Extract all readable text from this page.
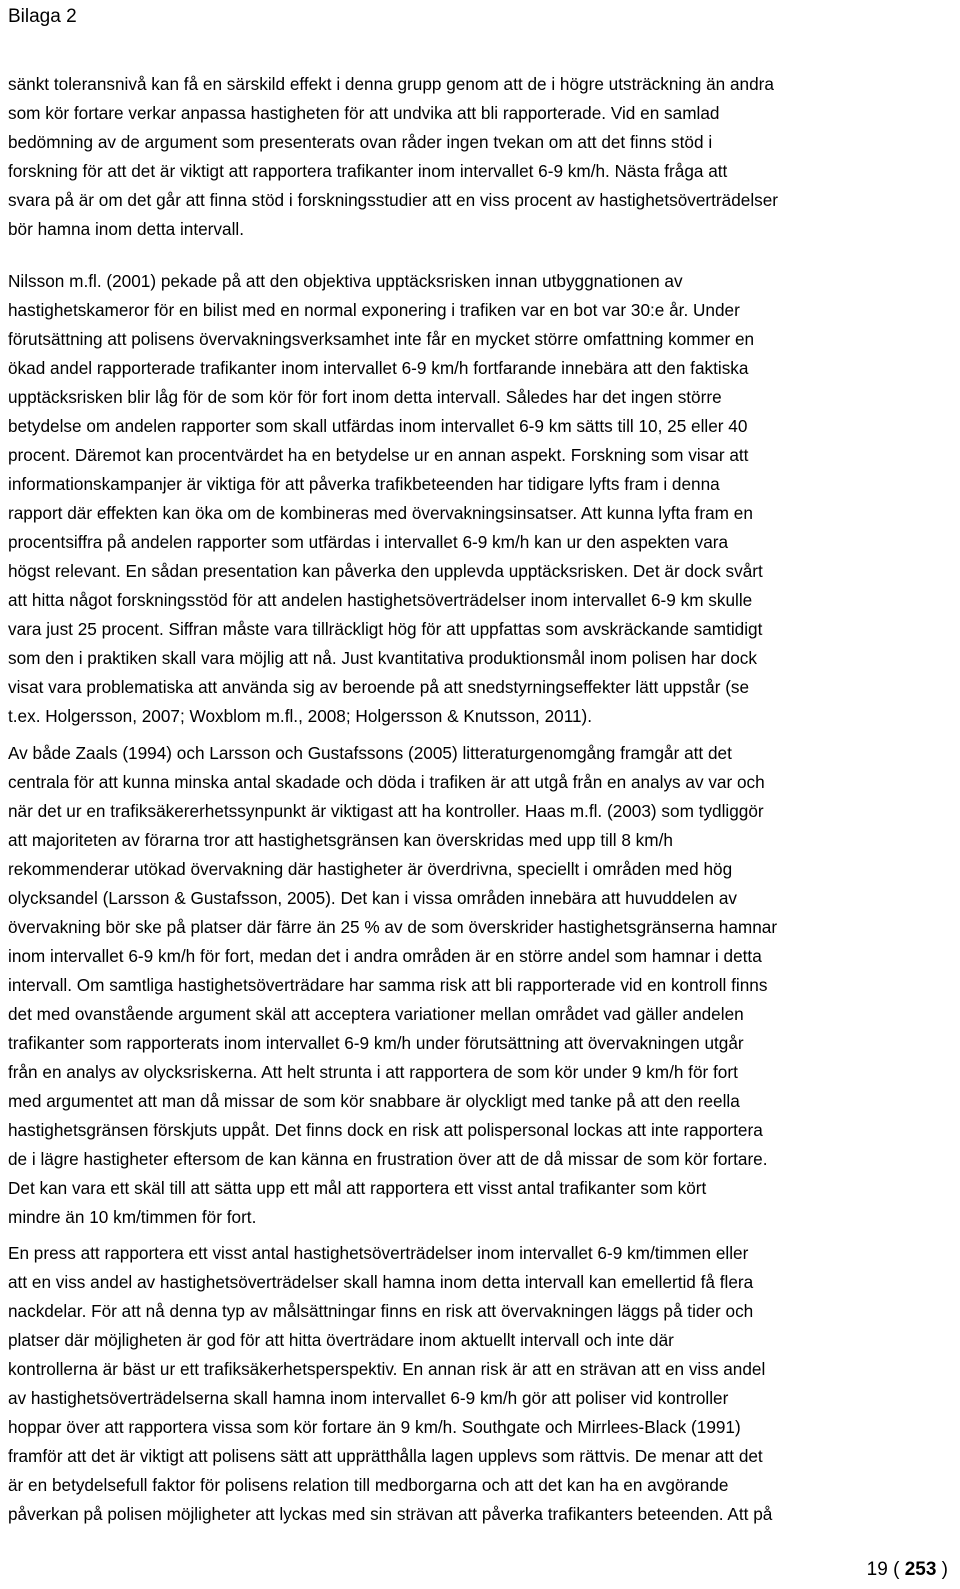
Bilaga 2
sänkt toleransnivå kan få en särskild effekt i denna grupp genom att de i högre utsträckning än andra
som kör fortare verkar anpassa hastigheten för att undvika att bli rapporterade. Vid en samlad
bedömning av de argument som presenterats ovan råder ingen tvekan om att det finns stöd i
forskning för att det är viktigt att rapportera trafikanter inom intervallet 6-9 km/h. Nästa fråga att
svara på är om det går att finna stöd i forskningsstudier att en viss procent av hastighetsöverträdelser
bör hamna inom detta intervall.
Nilsson m.fl. (2001) pekade på att den objektiva upptäcksrisken innan utbyggnationen av
hastighetskameror för en bilist med en normal exponering i trafiken var en bot var 30:e år. Under
förutsättning att polisens övervakningsverksamhet inte får en mycket större omfattning kommer en
ökad andel rapporterade trafikanter inom intervallet 6-9 km/h fortfarande innebära att den faktiska
upptäcksrisken blir låg för de som kör för fort inom detta intervall. Således har det ingen större
betydelse om andelen rapporter som skall utfärdas inom intervallet 6-9 km sätts till 10, 25 eller 40
procent. Däremot kan procentvärdet ha en betydelse ur en annan aspekt. Forskning som visar att
informationskampanjer är viktiga för att påverka trafikbeteenden har tidigare lyfts fram i denna
rapport där effekten kan öka om de kombineras med övervakningsinsatser. Att kunna lyfta fram en
procentsiffra på andelen rapporter som utfärdas i intervallet 6-9 km/h kan ur den aspekten vara
högst relevant. En sådan presentation kan påverka den upplevda upptäcksrisken. Det är dock svårt
att hitta något forskningsstöd för att andelen hastighetsöverträdelser inom intervallet 6-9 km skulle
vara just 25 procent. Siffran måste vara tillräckligt hög för att uppfattas som avskräckande samtidigt
som den i praktiken skall vara möjlig att nå. Just kvantitativa produktionsmål inom polisen har dock
visat vara problematiska att använda sig av beroende på att snedstyrningseffekter lätt uppstår (se
t.ex. Holgersson, 2007; Woxblom m.fl., 2008; Holgersson & Knutsson, 2011).
Av både Zaals (1994) och Larsson och Gustafssons (2005) litteraturgenomgång framgår att det
centrala för att kunna minska antal skadade och döda i trafiken är att utgå från en analys av var och
när det ur en trafiksäkererhetssynpunkt är viktigast att ha kontroller. Haas m.fl. (2003) som tydliggör
att majoriteten av förarna tror att hastighetsgränsen kan överskridas med upp till 8 km/h
rekommenderar utökad övervakning där hastigheter är överdrivna, speciellt i områden med hög
olycksandel (Larsson & Gustafsson, 2005). Det kan i vissa områden innebära att huvuddelen av
övervakning bör ske på platser där färre än 25 % av de som överskrider hastighetsgränserna hamnar
inom intervallet 6-9 km/h för fort, medan det i andra områden är en större andel som hamnar i detta
intervall. Om samtliga hastighetsöverträdare har samma risk att bli rapporterade vid en kontroll finns
det med ovanstående argument skäl att acceptera variationer mellan området vad gäller andelen
trafikanter som rapporterats inom intervallet 6-9 km/h under förutsättning att övervakningen utgår
från en analys av olycksriskerna. Att helt strunta i att rapportera de som kör under 9 km/h för fort
med argumentet att man då missar de som kör snabbare är olyckligt med tanke på att den reella
hastighetsgränsen förskjuts uppåt. Det finns dock en risk att polispersonal lockas att inte rapportera
de i lägre hastigheter eftersom de kan känna en frustration över att de då missar de som kör fortare.
Det kan vara ett skäl till att sätta upp ett mål att rapportera ett visst antal trafikanter som kört
mindre än 10 km/timmen för fort.
En press att rapportera ett visst antal hastighetsöverträdelser inom intervallet 6-9 km/timmen eller
att en viss andel av hastighetsöverträdelser skall hamna inom detta intervall kan emellertid få flera
nackdelar. För att nå denna typ av målsättningar finns en risk att övervakningen läggs på tider och
platser där möjligheten är god för att hitta överträdare inom aktuellt intervall och inte där
kontrollerna är bäst ur ett trafiksäkerhetsperspektiv. En annan risk är att en strävan att en viss andel
av hastighetsöverträdelserna skall hamna inom intervallet 6-9 km/h gör att poliser vid kontroller
hoppar över att rapportera vissa som kör fortare än 9 km/h. Southgate och Mirrlees-Black (1991)
framför att det är viktigt att polisens sätt att upprätthålla lagen upplevs som rättvis. De menar att det
är en betydelsefull faktor för polisens relation till medborgarna och att det kan ha en avgörande
påverkan på polisen möjligheter att lyckas med sin strävan att påverka trafikanters beteenden. Att på
19 ( 253 )
